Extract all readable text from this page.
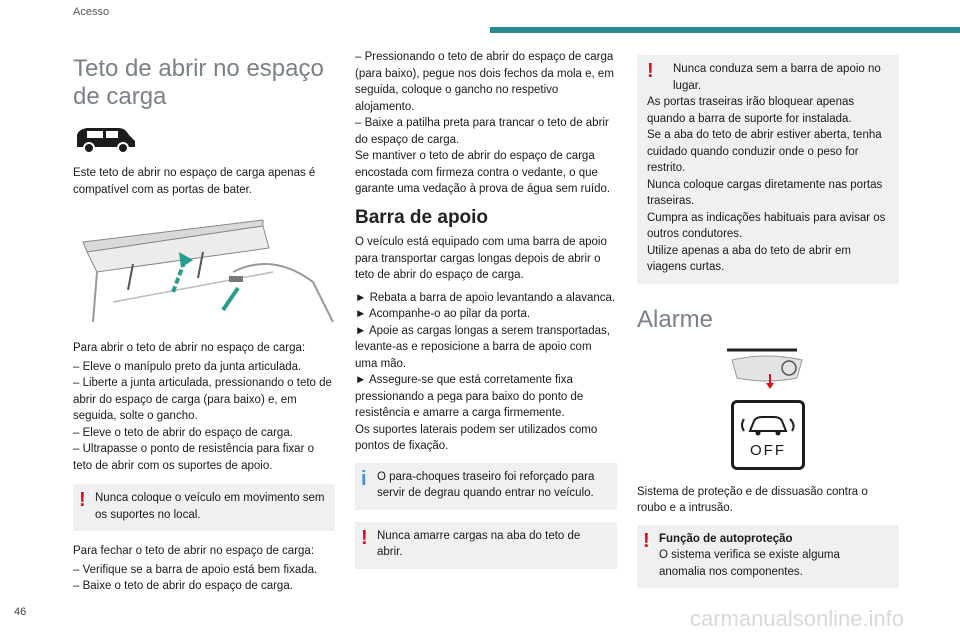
Acesso
Teto de abrir no espaço de carga

Este teto de abrir no espaço de carga apenas é compatível com as portas de bater.

Para abrir o teto de abrir no espaço de carga:

– Eleve o manípulo preto da junta articulada.

– Liberte a junta articulada, pressionando o teto de abrir do espaço de carga (para baixo) e, em seguida, solte o gancho.

– Eleve o teto de abrir do espaço de carga.

– Ultrapasse o ponto de resistência para fixar o teto de abrir com os suportes de apoio.

! Nunca coloque o veículo em movimento sem os suportes no local.

Para fechar o teto de abrir no espaço de carga:

– Verifique se a barra de apoio está bem fixada.

– Baixe o teto de abrir do espaço de carga.

– Pressionando o teto de abrir do espaço de carga (para baixo), pegue nos dois fechos da mola e, em seguida, coloque o gancho no respetivo alojamento.

– Baixe a patilha preta para trancar o teto de abrir do espaço de carga.

Se mantiver o teto de abrir do espaço de carga encostada com firmeza contra o vedante, o que garante uma vedação à prova de água sem ruído.

Barra de apoio

O veículo está equipado com uma barra de apoio para transportar cargas longas depois de abrir o teto de abrir do espaço de carga.

► Rebata a barra de apoio levantando a alavanca.

► Acompanhe-o ao pilar da porta.

► Apoie as cargas longas a serem transportadas, levante-as e reposicione a barra de apoio com uma mão.

► Assegure-se que está corretamente fixa pressionando a pega para baixo do ponto de resistência e amarre a carga firmemente.

Os suportes laterais podem ser utilizados como pontos de fixação.

i O para-choques traseiro foi reforçado para servir de degrau quando entrar no veículo.
! Nunca amarre cargas na aba do teto de abrir.
!	Nunca conduza sem a barra de apoio no lugar.
As portas traseiras irão bloquear apenas quando a barra de suporte for instalada.
Se a aba do teto de abrir estiver aberta, tenha cuidado quando conduzir onde o peso for restrito.
Nunca coloque cargas diretamente nas portas traseiras.
Cumpra as indicações habituais para avisar os outros condutores.
Utilize apenas a aba do teto de abrir em viagens curtas.
Alarme
OFF

Sistema de proteção e de dissuasão contra o roubo e a intrusão.

! Função de autoproteção
O sistema verifica se existe alguma anomalia nos componentes.
46	carmanualsonline.info
